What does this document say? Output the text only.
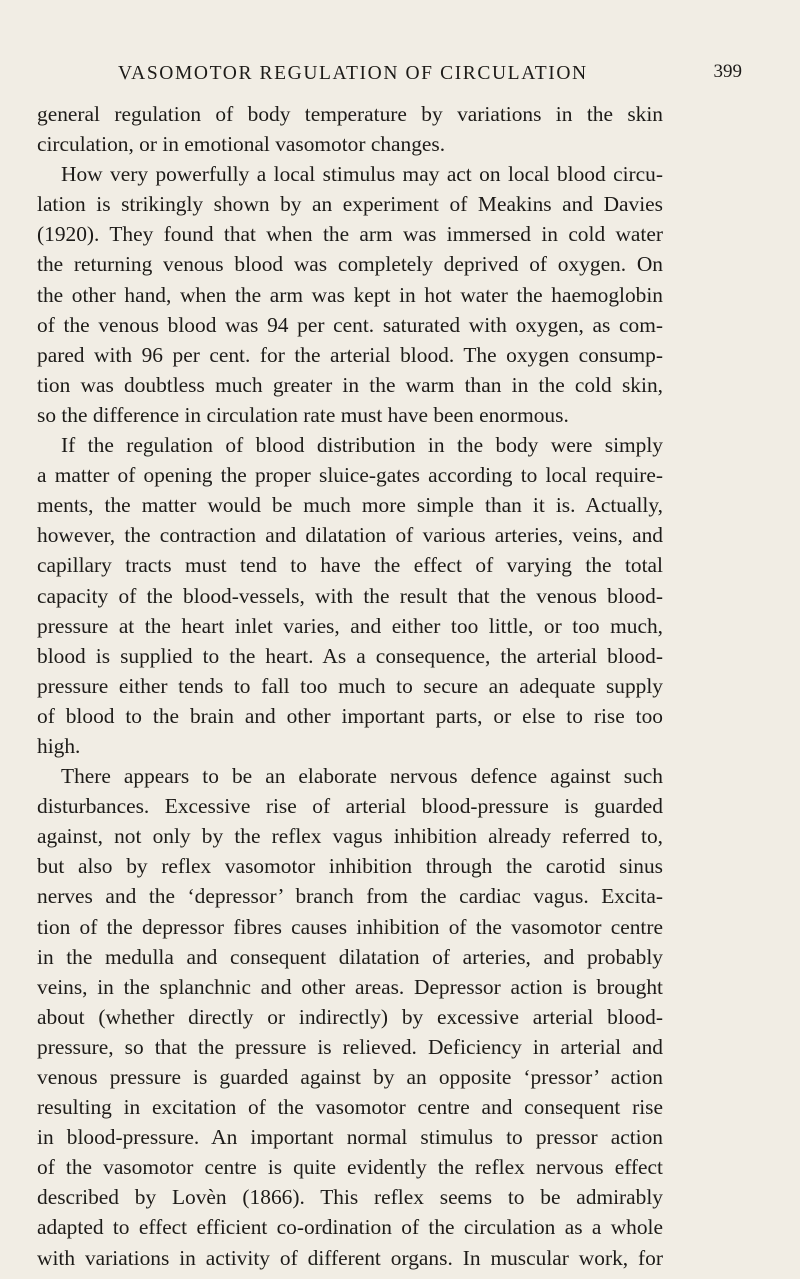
VASOMOTOR REGULATION OF CIRCULATION	399
general regulation of body temperature by variations in the skin
circulation, or in emotional vasomotor changes.
How very powerfully a local stimulus may act on local blood circu-
lation is strikingly shown by an experiment of Meakins and Davies
(1920). They found that when the arm was immersed in cold water
the returning venous blood was completely deprived of oxygen. On
the other hand, when the arm was kept in hot water the haemoglobin
of the venous blood was 94 per cent. saturated with oxygen, as com-
pared with 96 per cent. for the arterial blood. The oxygen consump-
tion was doubtless much greater in the warm than in the cold skin,
so the difference in circulation rate must have been enormous.
If the regulation of blood distribution in the body were simply
a matter of opening the proper sluice-gates according to local require-
ments, the matter would be much more simple than it is. Actually,
however, the contraction and dilatation of various arteries, veins, and
capillary tracts must tend to have the effect of varying the total
capacity of the blood-vessels, with the result that the venous blood-
pressure at the heart inlet varies, and either too little, or too much,
blood is supplied to the heart. As a consequence, the arterial blood-
pressure either tends to fall too much to secure an adequate supply
of blood to the brain and other important parts, or else to rise too
high.
There appears to be an elaborate nervous defence against such
disturbances. Excessive rise of arterial blood-pressure is guarded
against, not only by the reflex vagus inhibition already referred to,
but also by reflex vasomotor inhibition through the carotid sinus
nerves and the ‘depressor’ branch from the cardiac vagus. Excita-
tion of the depressor fibres causes inhibition of the vasomotor centre
in the medulla and consequent dilatation of arteries, and probably
veins, in the splanchnic and other areas. Depressor action is brought
about (whether directly or indirectly) by excessive arterial blood-
pressure, so that the pressure is relieved. Deficiency in arterial and
venous pressure is guarded against by an opposite ‘pressor’ action
resulting in excitation of the vasomotor centre and consequent rise
in blood-pressure. An important normal stimulus to pressor action
of the vasomotor centre is quite evidently the reflex nervous effect
described by Lovèn (1866). This reflex seems to be admirably
adapted to effect efficient co-ordination of the circulation as a whole
with variations in activity of different organs. In muscular work, for
